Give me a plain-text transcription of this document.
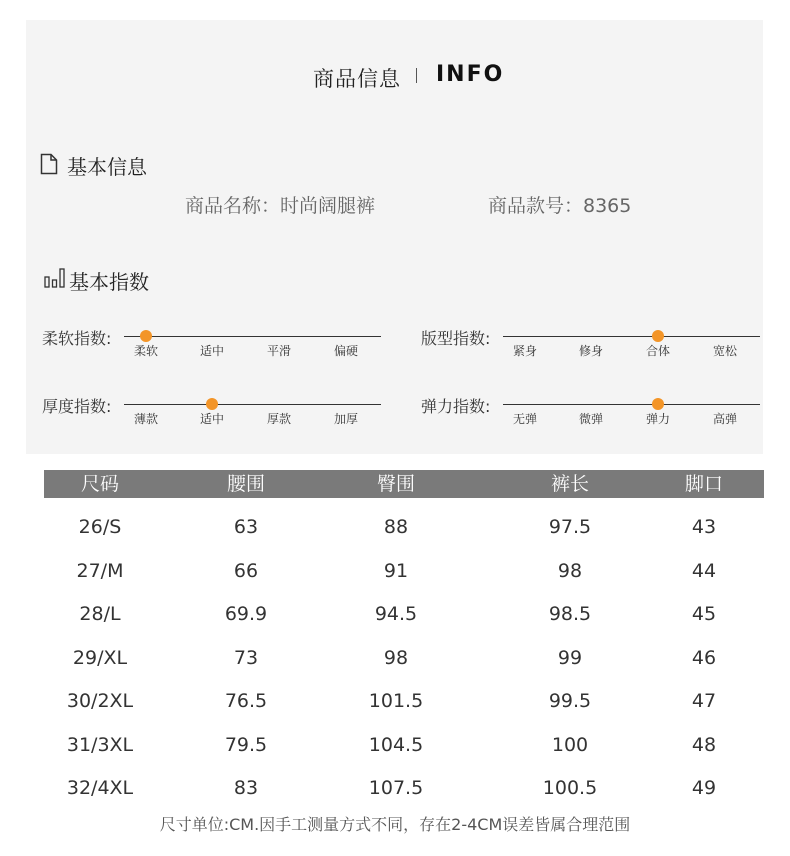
商品信息 INFO
基本信息
商品名称：时尚阔腿裤	商品款号：8365
基本指数
柔软指数:
柔软	适中	平滑	偏硬
版型指数:
紧身	修身	合体	宽松
厚度指数:
薄款	适中	厚款	加厚
弹力指数:
无弹	微弹	弹力	高弹
尺码	腰围	臀围	裤长	脚口
26/S	63	88	97.5	43
27/M	66	91	98	44
28/L	69.9	94.5	98.5	45
29/XL	73	98	99	46
30/2XL	76.5	101.5	99.5	47
31/3XL	79.5	104.5	100	48
32/4XL	83	107.5	100.5	49
尺寸单位:CM.因手工测量方式不同，存在2-4CM误差皆属合理范围
